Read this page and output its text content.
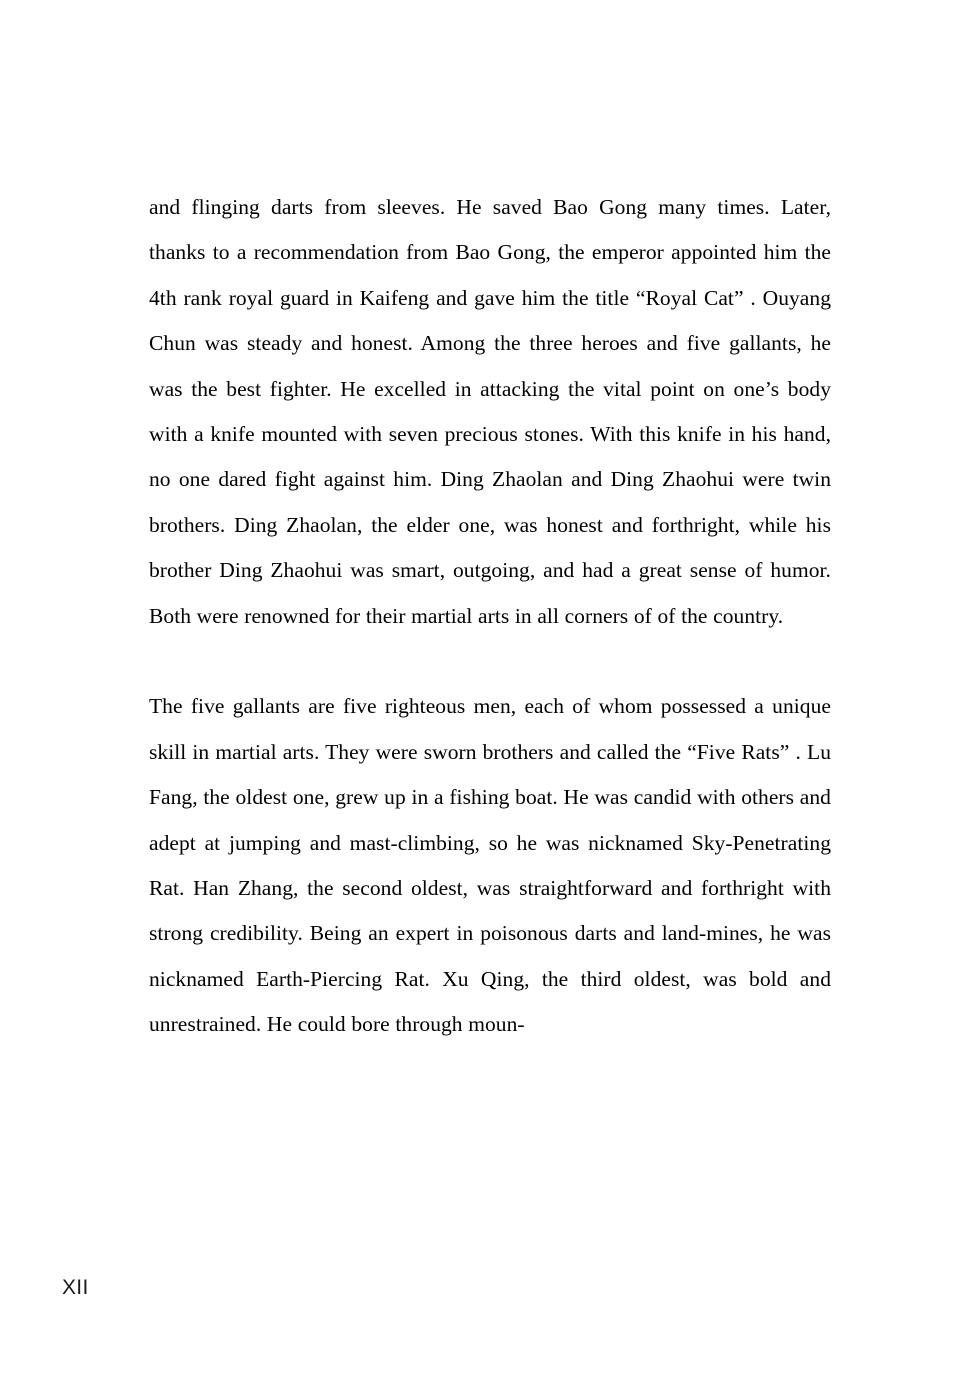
and flinging darts from sleeves. He saved Bao Gong many times. Later, thanks to a recommendation from Bao Gong, the emperor appointed him the 4th rank royal guard in Kaifeng and gave him the title “Royal Cat” . Ouyang Chun was steady and honest. Among the three heroes and five gallants, he was the best fighter. He excelled in attacking the vital point on one’s body with a knife mounted with seven precious stones. With this knife in his hand, no one dared fight against him. Ding Zhaolan and Ding Zhaohui were twin brothers. Ding Zhaolan, the elder one, was honest and forthright, while his brother Ding Zhaohui was smart, outgoing, and had a great sense of humor. Both were renowned for their martial arts in all corners of of the country.

The five gallants are five righteous men, each of whom possessed a unique skill in martial arts. They were sworn brothers and called the “Five Rats” . Lu Fang, the oldest one, grew up in a fishing boat. He was candid with others and adept at jumping and mast-climbing, so he was nicknamed Sky-Penetrating Rat. Han Zhang, the second oldest, was straightforward and forthright with strong credibility. Being an expert in poisonous darts and land-mines, he was nicknamed Earth-Piercing Rat. Xu Qing, the third oldest, was bold and unrestrained. He could bore through moun-

XII
